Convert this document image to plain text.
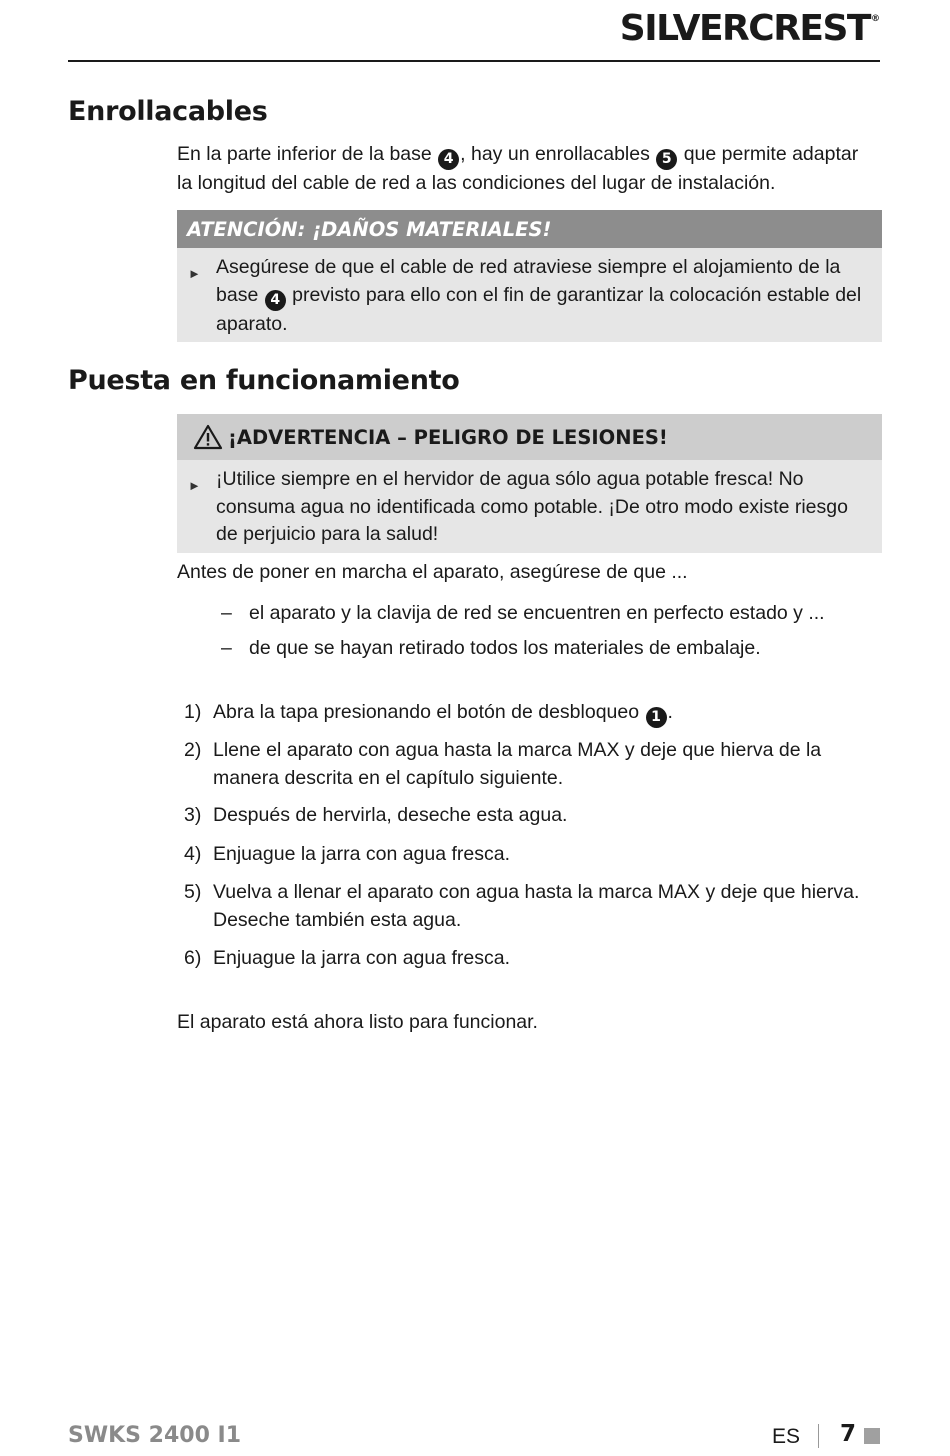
SILVERCREST®
Enrollacables

En la parte inferior de la base 4 , hay un enrollacables 5 que permite adaptar la longitud del cable de red a las condiciones del lugar de instalación.

ATENCIÓN: ¡DAÑOS MATERIALES!
► Asegúrese de que el cable de red atraviese siempre el alojamiento de la base 4 previsto para ello con el fin de garantizar la colocación estable del aparato.
Puesta en funcionamiento
¡ADVERTENCIA – PELIGRO DE LESIONES!
► ¡Utilice siempre en el hervidor de agua sólo agua potable fresca! No consuma agua no identificada como potable. ¡De otro modo existe riesgo de perjuicio para la salud!

Antes de poner en marcha el aparato, asegúrese de que ...

– el aparato y la clavija de red se encuentren en perfecto estado y ...
– de que se hayan retirado todos los materiales de embalaje.
1) Abra la tapa presionando el botón de desbloqueo 1 .
2) Llene el aparato con agua hasta la marca MAX y deje que hierva de la manera descrita en el capítulo siguiente.
3) Después de hervirla, deseche esta agua.
4) Enjuague la jarra con agua fresca.
5) Vuelva a llenar el aparato con agua hasta la marca MAX y deje que hierva. Deseche también esta agua.
6) Enjuague la jarra con agua fresca.

El aparato está ahora listo para funcionar.

SWKS 2400 I1	ES 7
